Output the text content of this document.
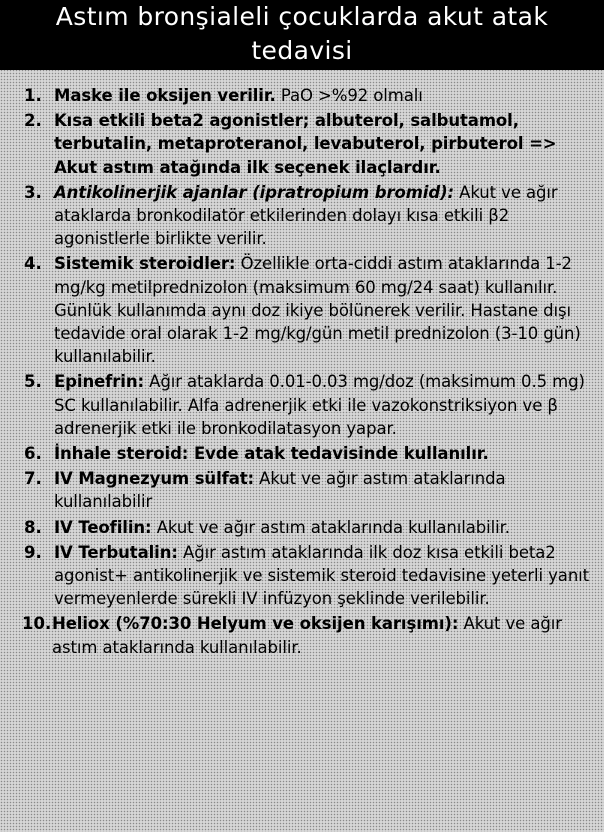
Astım bronşialeli çocuklarda akut atak
tedavisi
1. Maske ile oksijen verilir. PaO >%92 olmalı
2. Kısa etkili beta2 agonistler; albuterol, salbutamol, terbutalin, metaproteranol, levabuterol, pirbuterol => Akut astım atağında ilk seçenek ilaçlardır.
3. Antikolinerjik ajanlar (ipratropium bromid): Akut ve ağır ataklarda bronkodilatör etkilerinden dolayı kısa etkili β2 agonistlerle birlikte verilir.
4. Sistemik steroidler: Özellikle orta-ciddi astım ataklarında 1-2 mg/kg metilprednizolon (maksimum 60 mg/24 saat) kullanılır. Günlük kullanımda aynı doz ikiye bölünerek verilir. Hastane dışı tedavide oral olarak 1-2 mg/kg/gün metil prednizolon (3-10 gün) kullanılabilir.
5. Epinefrin: Ağır ataklarda 0.01-0.03 mg/doz (maksimum 0.5 mg) SC kullanılabilir. Alfa adrenerjik etki ile vazokonstriksiyon ve β adrenerjik etki ile bronkodilatasyon yapar.
6. İnhale steroid: Evde atak tedavisinde kullanılır.
7. IV Magnezyum sülfat: Akut ve ağır astım ataklarında kullanılabilir
8. IV Teofilin: Akut ve ağır astım ataklarında kullanılabilir.
9. IV Terbutalin: Ağır astım ataklarında ilk doz kısa etkili beta2 agonist+ antikolinerjik ve sistemik steroid tedavisine yeterli yanıt vermeyenlerde sürekli IV infüzyon şeklinde verilebilir.
10. Heliox (%70:30 Helyum ve oksijen karışımı): Akut ve ağır astım ataklarında kullanılabilir.
